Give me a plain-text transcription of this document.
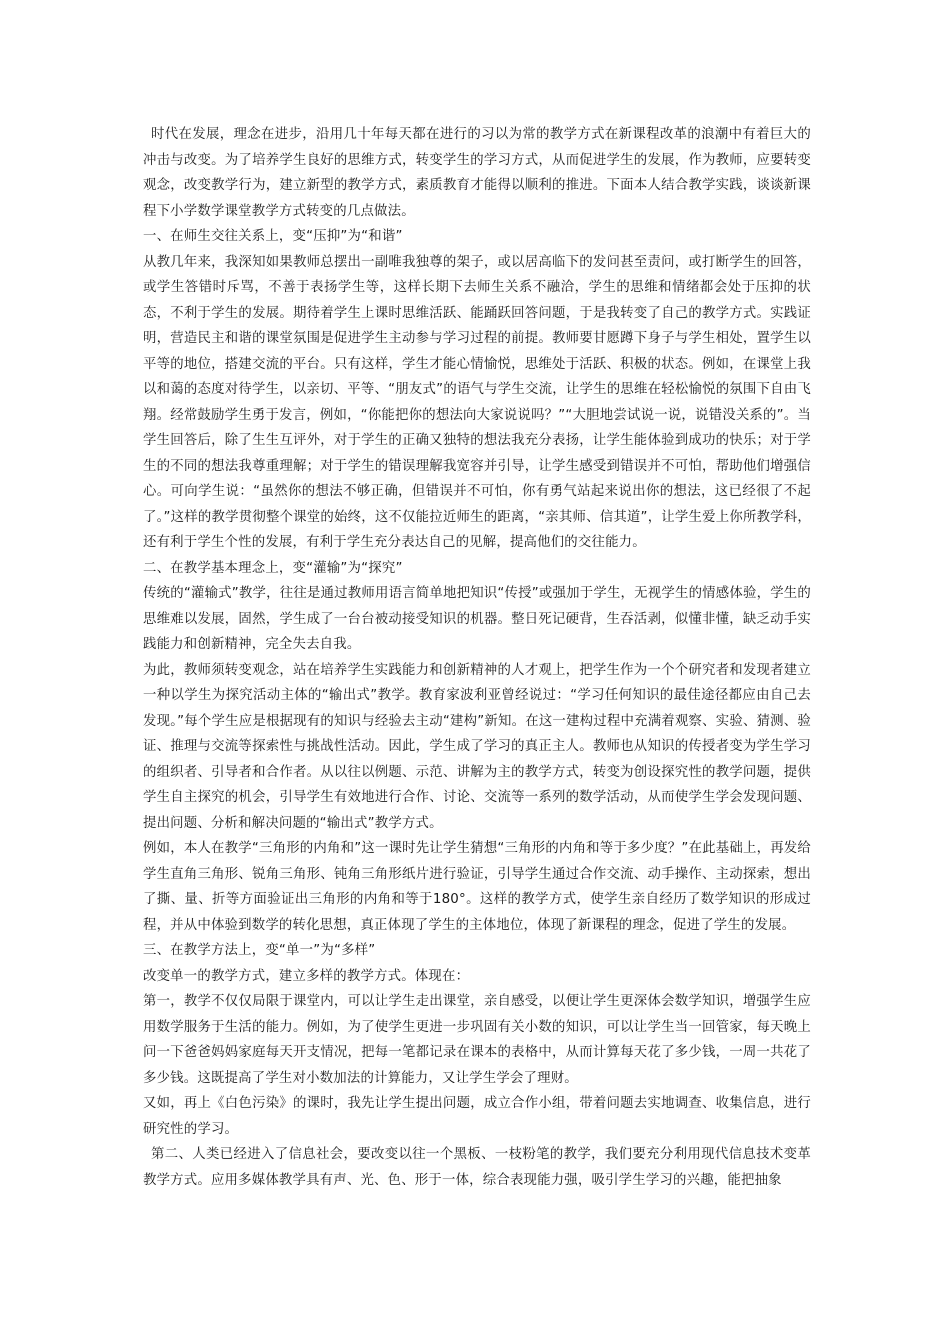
时代在发展，理念在进步，沿用几十年每天都在进行的习以为常的教学方式在新课程改革的浪潮中有着巨大的冲击与改变。为了培养学生良好的思维方式，转变学生的学习方式，从而促进学生的发展，作为教师，应要转变观念，改变教学行为，建立新型的教学方式，素质教育才能得以顺利的推进。下面本人结合教学实践，谈谈新课程下小学数学课堂教学方式转变的几点做法。

一、在师生交往关系上，变“压抑”为“和谐”

从教几年来，我深知如果教师总摆出一副唯我独尊的架子，或以居高临下的发问甚至责问，或打断学生的回答，或学生答错时斥骂，不善于表扬学生等，这样长期下去师生关系不融洽，学生的思维和情绪都会处于压抑的状态，不利于学生的发展。期待着学生上课时思维活跃、能踊跃回答问题，于是我转变了自己的教学方式。实践证明，营造民主和谐的课堂氛围是促进学生主动参与学习过程的前提。教师要甘愿蹲下身子与学生相处，置学生以平等的地位，搭建交流的平台。只有这样，学生才能心情愉悦，思维处于活跃、积极的状态。例如，在课堂上我以和蔼的态度对待学生，以亲切、平等、“朋友式”的语气与学生交流，让学生的思维在轻松愉悦的氛围下自由飞翔。经常鼓励学生勇于发言，例如，“你能把你的想法向大家说说吗？”“大胆地尝试说一说，说错没关系的”。当学生回答后，除了生生互评外，对于学生的正确又独特的想法我充分表扬，让学生能体验到成功的快乐；对于学生的不同的想法我尊重理解；对于学生的错误理解我宽容并引导，让学生感受到错误并不可怕，帮助他们增强信心。可向学生说：“虽然你的想法不够正确，但错误并不可怕，你有勇气站起来说出你的想法，这已经很了不起了。”这样的教学贯彻整个课堂的始终，这不仅能拉近师生的距离，“亲其师、信其道”，让学生爱上你所教学科，还有利于学生个性的发展，有利于学生充分表达自己的见解，提高他们的交往能力。

二、在教学基本理念上，变“灌输”为“探究”

传统的“灌输式”教学，往往是通过教师用语言简单地把知识“传授”或强加于学生，无视学生的情感体验，学生的思维难以发展，固然，学生成了一台台被动接受知识的机器。整日死记硬背，生吞活剥，似懂非懂，缺乏动手实践能力和创新精神，完全失去自我。

为此，教师须转变观念，站在培养学生实践能力和创新精神的人才观上，把学生作为一个个研究者和发现者建立一种以学生为探究活动主体的“输出式”教学。教育家波利亚曾经说过：“学习任何知识的最佳途径都应由自己去发现。”每个学生应是根据现有的知识与经验去主动“建构”新知。在这一建构过程中充满着观察、实验、猜测、验证、推理与交流等探索性与挑战性活动。因此，学生成了学习的真正主人。教师也从知识的传授者变为学生学习的组织者、引导者和合作者。从以往以例题、示范、讲解为主的教学方式，转变为创设探究性的教学问题，提供学生自主探究的机会，引导学生有效地进行合作、讨论、交流等一系列的数学活动，从而使学生学会发现问题、提出问题、分析和解决问题的“输出式”教学方式。

例如，本人在教学“三角形的内角和”这一课时先让学生猜想“三角形的内角和等于多少度？”在此基础上，再发给学生直角三角形、锐角三角形、钝角三角形纸片进行验证，引导学生通过合作交流、动手操作、主动探索，想出了撕、量、折等方面验证出三角形的内角和等于180°。这样的教学方式，使学生亲自经历了数学知识的形成过程，并从中体验到数学的转化思想，真正体现了学生的主体地位，体现了新课程的理念，促进了学生的发展。

三、在教学方法上，变“单一”为“多样”

改变单一的教学方式，建立多样的教学方式。体现在：

第一，教学不仅仅局限于课堂内，可以让学生走出课堂，亲自感受，以便让学生更深体会数学知识，增强学生应用数学服务于生活的能力。例如，为了使学生更进一步巩固有关小数的知识，可以让学生当一回管家，每天晚上问一下爸爸妈妈家庭每天开支情况，把每一笔都记录在课本的表格中，从而计算每天花了多少钱，一周一共花了多少钱。这既提高了学生对小数加法的计算能力，又让学生学会了理财。

又如，再上《白色污染》的课时，我先让学生提出问题，成立合作小组，带着问题去实地调查、收集信息，进行研究性的学习。

第二、人类已经进入了信息社会，要改变以往一个黑板、一枝粉笔的教学，我们要充分利用现代信息技术变革教学方式。应用多媒体教学具有声、光、色、形于一体，综合表现能力强，吸引学生学习的兴趣，能把抽象
